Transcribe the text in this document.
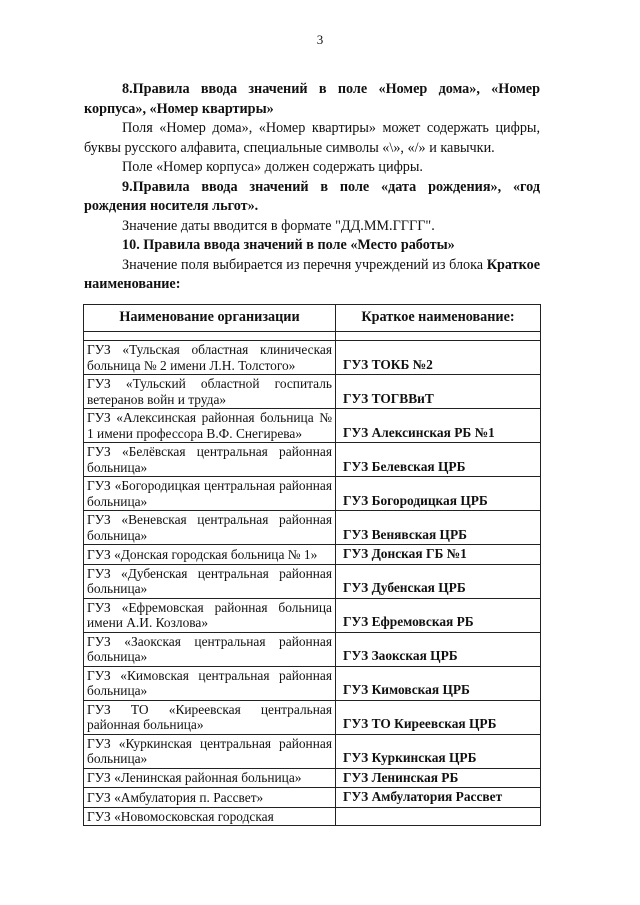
3

8.Правила ввода значений в поле «Номер дома», «Номер корпуса», «Номер квартиры»

Поля «Номер дома», «Номер квартиры» может содержать цифры, буквы русского алфавита, специальные символы «\», «/» и кавычки.

Поле «Номер корпуса» должен содержать цифры.

9.Правила ввода значений в поле «дата рождения», «год рождения носителя льгот».

Значение даты вводится в формате "ДД.ММ.ГГГГ".

10. Правила ввода значений в поле «Место работы»

Значение поля выбирается из перечня учреждений из блока Краткое наименование:

Наименование организации	Краткое наименование:

ГУЗ «Тульская областная клиническая больница № 2 имени Л.Н. Толстого»	ГУЗ ТОКБ №2
ГУЗ «Тульский областной госпиталь ветеранов войн и труда»	ГУЗ ТОГВВиТ
ГУЗ «Алексинская районная больница № 1 имени профессора В.Ф. Снегирева»	ГУЗ Алексинская РБ №1
ГУЗ «Белёвская центральная районная больница»	ГУЗ Белевская ЦРБ
ГУЗ «Богородицкая центральная районная больница»	ГУЗ Богородицкая ЦРБ
ГУЗ «Веневская центральная районная больница»	ГУЗ Венявская ЦРБ
ГУЗ «Донская городская больница № 1»	ГУЗ Донская ГБ №1
ГУЗ «Дубенская центральная районная больница»	ГУЗ Дубенская ЦРБ
ГУЗ «Ефремовская районная больница имени А.И. Козлова»	ГУЗ Ефремовская РБ
ГУЗ «Заокская центральная районная больница»	ГУЗ Заокская ЦРБ
ГУЗ «Кимовская центральная районная больница»	ГУЗ Кимовская ЦРБ
ГУЗ ТО «Киреевская центральная районная больница»	ГУЗ ТО Киреевская ЦРБ
ГУЗ «Куркинская центральная районная больница»	ГУЗ Куркинская ЦРБ
ГУЗ «Ленинская районная больница»	ГУЗ Ленинская РБ
ГУЗ «Амбулатория п. Рассвет»	ГУЗ Амбулатория Рассвет
ГУЗ «Новомосковская городская	
